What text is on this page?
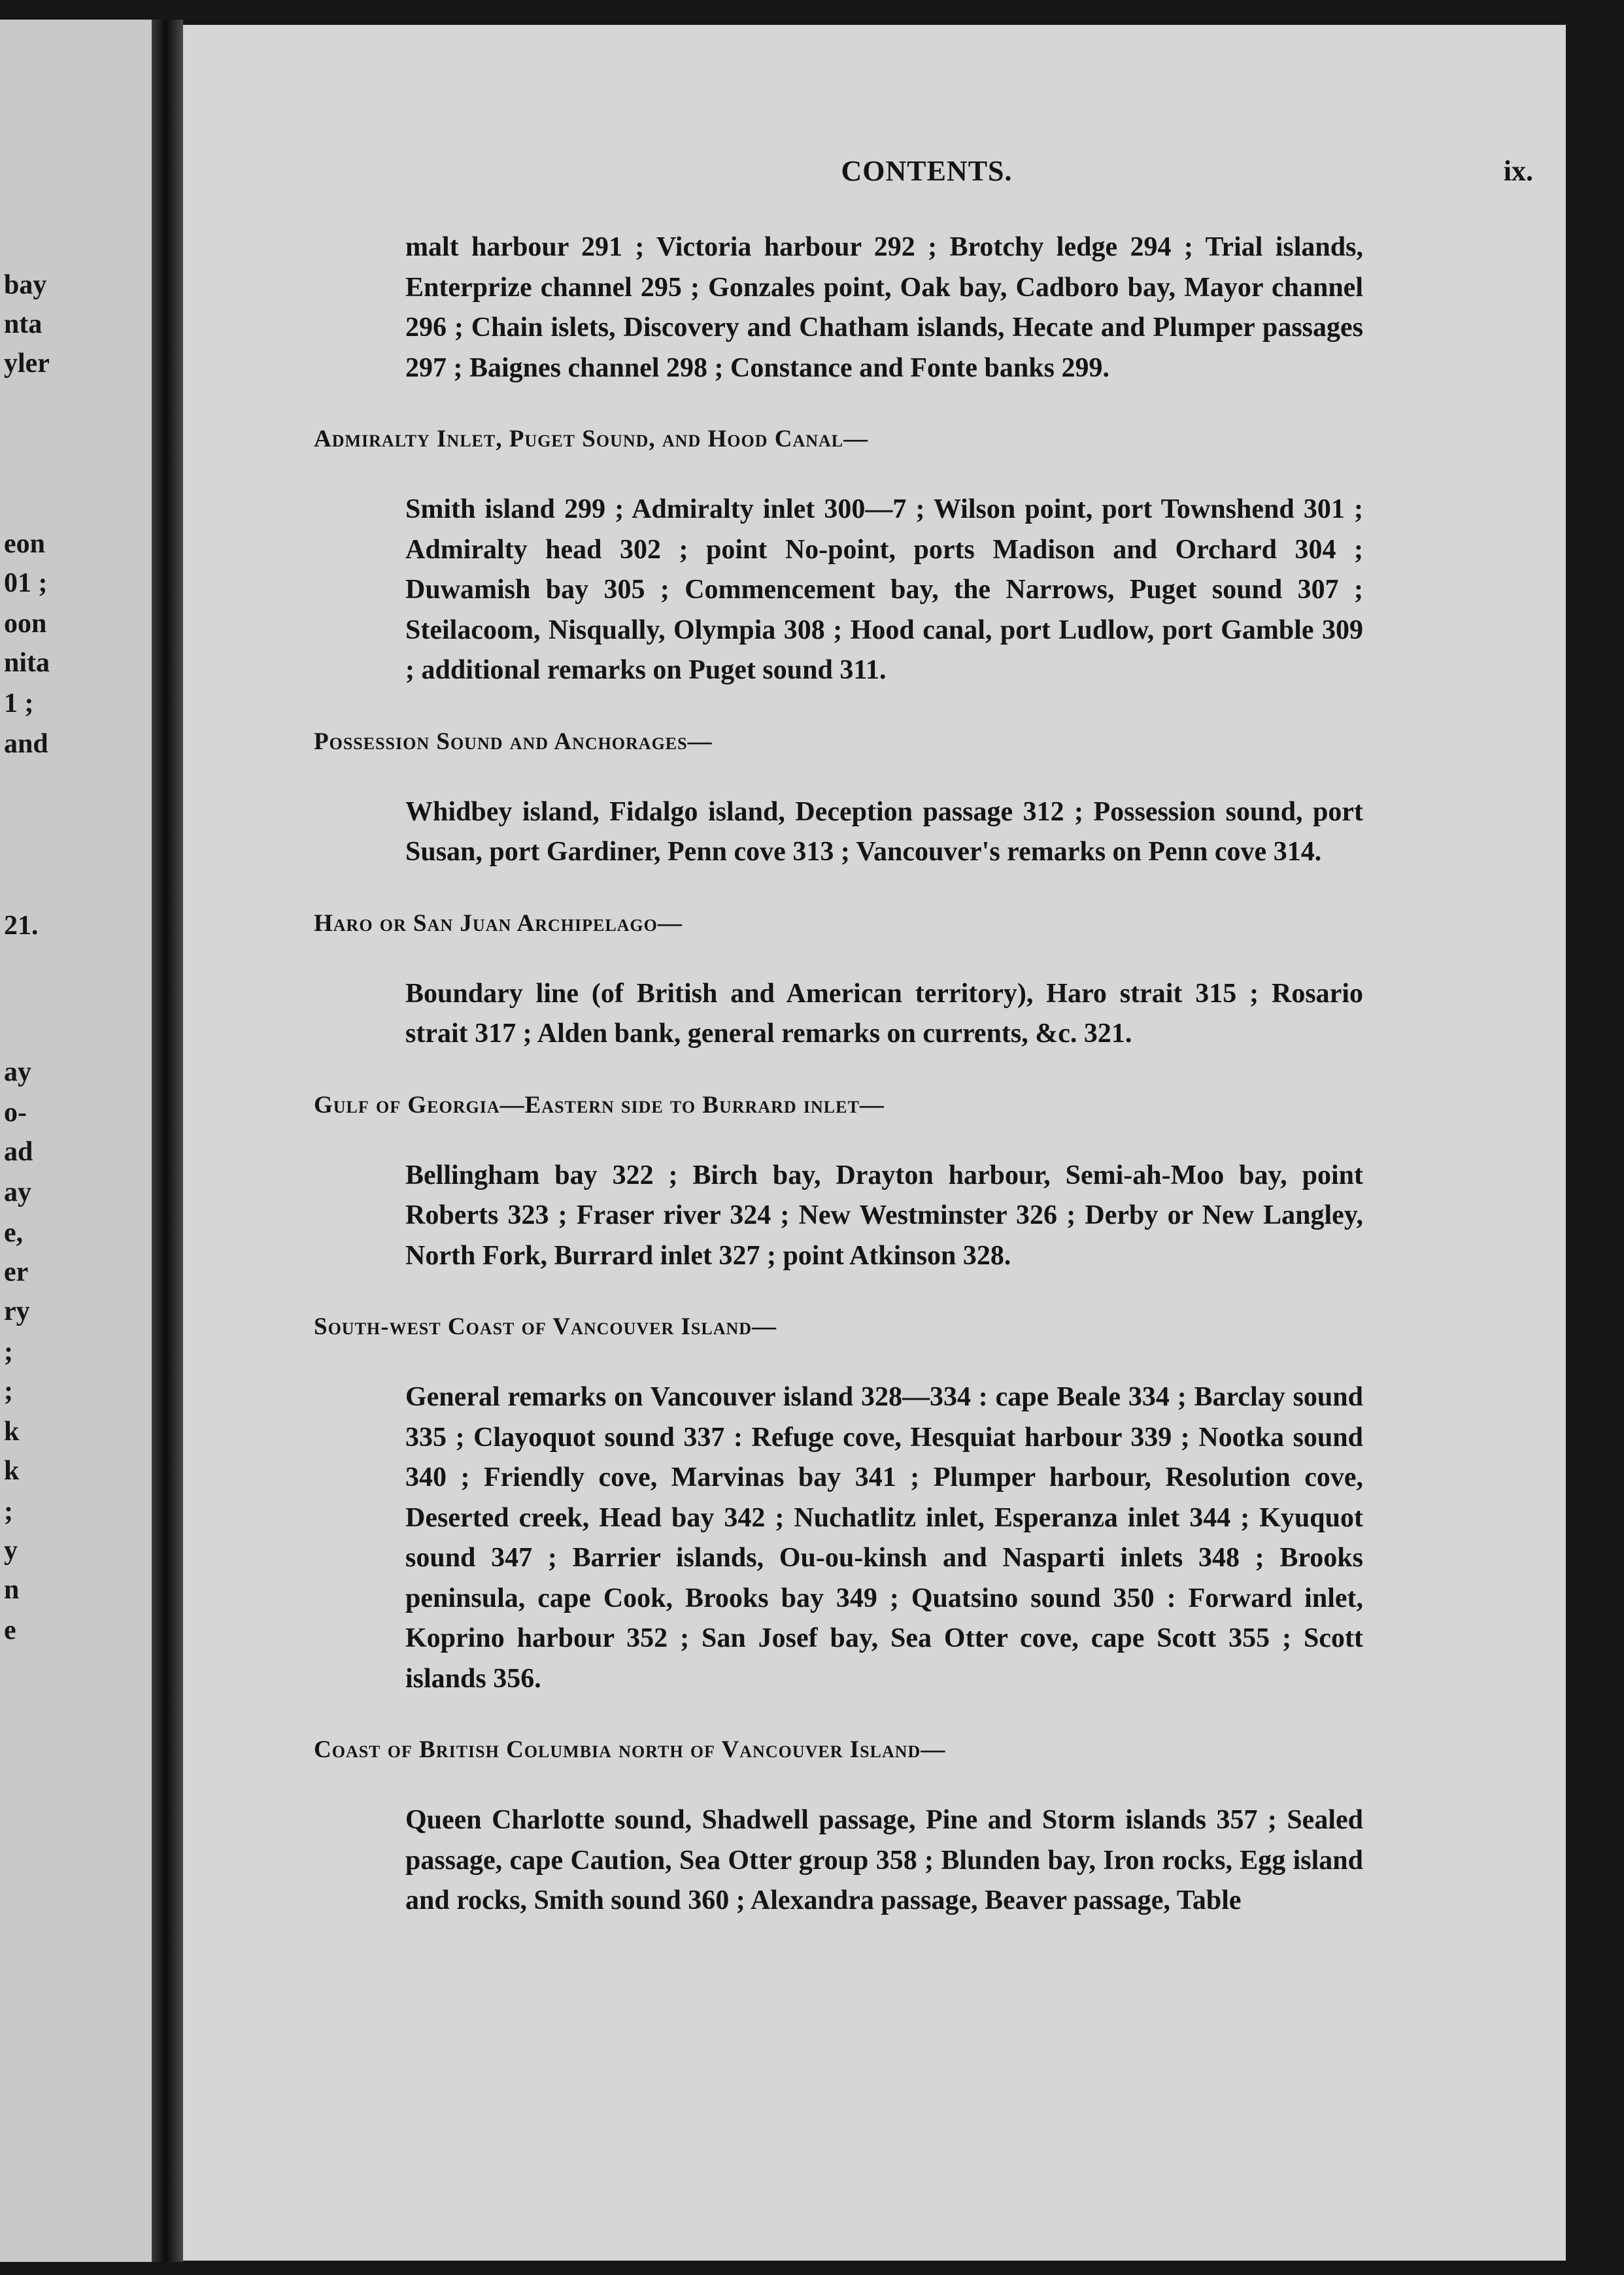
bay
nta
yler
eon
01 ;
oon
nita
1 ;
and
21.
ay
o-
ad
ay
e,
er
ry
;
;
k
k
;
y
n
e
CONTENTS.	ix.

malt harbour 291 ; Victoria harbour 292 ; Brotchy ledge 294 ; Trial islands, Enterprize channel 295 ; Gonzales point, Oak bay, Cadboro bay, Mayor channel 296 ; Chain islets, Discovery and Chatham islands, Hecate and Plumper passages 297 ; Baignes channel 298 ; Constance and Fonte banks 299.

Admiralty Inlet, Puget Sound, and Hood Canal—

Smith island 299 ; Admiralty inlet 300—7 ; Wilson point, port Townshend 301 ; Admiralty head 302 ; point No-point, ports Madison and Orchard 304 ; Duwamish bay 305 ; Commencement bay, the Narrows, Puget sound 307 ; Steilacoom, Nisqually, Olympia 308 ; Hood canal, port Ludlow, port Gamble 309 ; additional remarks on Puget sound 311.

Possession Sound and Anchorages—

Whidbey island, Fidalgo island, Deception passage 312 ; Possession sound, port Susan, port Gardiner, Penn cove 313 ; Vancouver's remarks on Penn cove 314.

Haro or San Juan Archipelago—

Boundary line (of British and American territory), Haro strait 315 ; Rosario strait 317 ; Alden bank, general remarks on currents, &c. 321.

Gulf of Georgia—Eastern side to Burrard inlet—

Bellingham bay 322 ; Birch bay, Drayton harbour, Semi-ah-Moo bay, point Roberts 323 ; Fraser river 324 ; New Westminster 326 ; Derby or New Langley, North Fork, Burrard inlet 327 ; point Atkinson 328.

South-west Coast of Vancouver Island—

General remarks on Vancouver island 328—334 : cape Beale 334 ; Barclay sound 335 ; Clayoquot sound 337 : Refuge cove, Hesquiat harbour 339 ; Nootka sound 340 ; Friendly cove, Marvinas bay 341 ; Plumper harbour, Resolution cove, Deserted creek, Head bay 342 ; Nuchatlitz inlet, Esperanza inlet 344 ; Kyuquot sound 347 ; Barrier islands, Ou-ou-kinsh and Nasparti inlets 348 ; Brooks peninsula, cape Cook, Brooks bay 349 ; Quatsino sound 350 : Forward inlet, Koprino harbour 352 ; San Josef bay, Sea Otter cove, cape Scott 355 ; Scott islands 356.

Coast of British Columbia north of Vancouver Island—

Queen Charlotte sound, Shadwell passage, Pine and Storm islands 357 ; Sealed passage, cape Caution, Sea Otter group 358 ; Blunden bay, Iron rocks, Egg island and rocks, Smith sound 360 ; Alexandra passage, Beaver passage, Table
